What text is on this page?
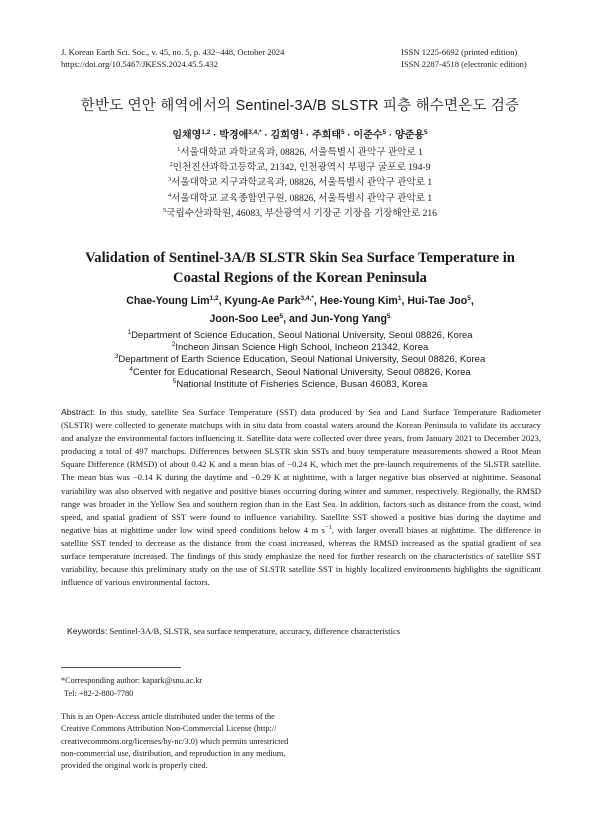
J. Korean Earth Sci. Soc., v. 45, no. 5, p. 432−448, October 2024
https://doi.org/10.5467/JKESS.2024.45.5.432
ISSN 1225-6692 (printed edition)
ISSN 2287-4518 (electronic edition)
한반도 연안 해역에서의 Sentinel-3A/B SLSTR 피층 해수면온도 검증
임채영$^{1,2}$ · 박경애$^{3,4,*}$ · 김희영$^1$ · 주희태$^5$ · 이준수$^5$ · 양준용$^5$
$^1$서울대학교 과학교육과, 08826, 서울특별시 관악구 관악로 1
$^2$인천진산과학고등학교, 21342, 인천광역시 부평구 굴포로 194-9
$^3$서울대학교 지구과학교육과, 08826, 서울특별시 관악구 관악로 1
$^4$서울대학교 교육종합연구원, 08826, 서울특별시 관악구 관악로 1
$^5$국립수산과학원, 46083, 부산광역시 기장군 기장읍 기장해안로 216
Validation of Sentinel-3A/B SLSTR Skin Sea Surface Temperature in
Coastal Regions of the Korean Peninsula
Chae-Young Lim$^{1,2}$, Kyung-Ae Park$^{3,4,*}$, Hee-Young Kim$^1$, Hui-Tae Joo$^5$,
Joon-Soo Lee$^5$, and Jun-Yong Yang$^5$
$^1$Department of Science Education, Seoul National University, Seoul 08826, Korea
$^2$Incheon Jinsan Science High School, Incheon 21342, Korea
$^3$Department of Earth Science Education, Seoul National University, Seoul 08826, Korea
$^4$Center for Educational Research, Seoul National University, Seoul 08826, Korea
$^5$National Institute of Fisheries Science, Busan 46083, Korea
Abstract: In this study, satellite Sea Surface Temperature (SST) data produced by Sea and Land Surface Temperature Radiometer (SLSTR) were collected to generate matchups with in situ data from coastal waters around the Korean Peninsula to validate its accuracy and analyze the environmental factors influencing it. Satellite data were collected over three years, from January 2021 to December 2023, producing a total of 497 matchups. Differences between SLSTR skin SSTs and buoy temperature measurements showed a Root Mean Square Difference (RMSD) of about 0.42 K and a mean bias of −0.24 K, which met the pre-launch requirements of the SLSTR satellite. The mean bias was −0.14 K during the daytime and −0.29 K at nighttime, with a larger negative bias observed at nighttime. Seasonal variability was also observed with negative and positive biases occurring during winter and summer, respectively. Regionally, the RMSD range was broader in the Yellow Sea and southern region than in the East Sea. In addition, factors such as distance from the coast, wind speed, and spatial gradient of SST were found to influence variability. Satellite SST showed a positive bias during the daytime and negative bias at nighttime under low wind speed conditions below 4 m $s^{-1}$, with larger overall biases at nighttime. The difference in satellite SST tended to decrease as the distance from the coast increased, whereas the RMSD increased as the spatial gradient of sea surface temperature increased. The findings of this study emphasize the need for further research on the characteristics of satellite SST variability, because this preliminary study on the use of SLSTR satellite SST in highly localized environments highlights the significant influence of various environmental factors.
Keywords: Sentinel-3A/B, SLSTR, sea surface temperature, accuracy, difference characteristics
*Corresponding author: kapark@snu.ac.kr
Tel: +82-2-880-7780
This is an Open-Access article distributed under the terms of the
Creative Commons Attribution Non-Commercial License (http://
creativecommons.org/licenses/by-nc/3.0) which permits unrestricted
non-commercial use, distribution, and reproduction in any medium,
provided the original work is properly cited.
